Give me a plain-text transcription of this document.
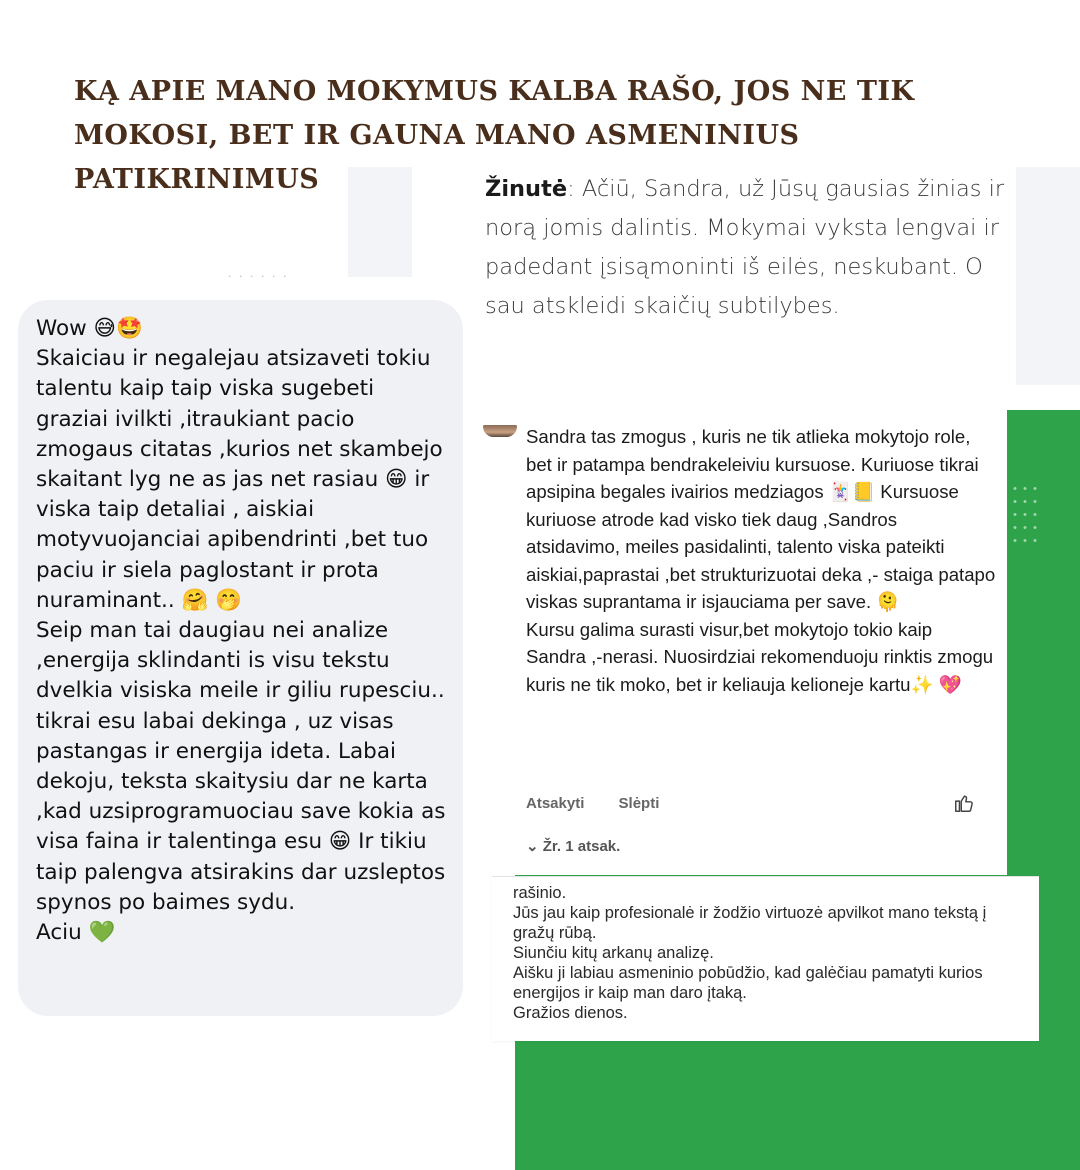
· · · · · ·
KĄ APIE MANO MOKYMUS KALBA RAŠO, JOS NE TIK
MOKOSI, BET IR GAUNA MANO ASMENINIUS
PATIKRINIMUS	Žinutė: Ačiū, Sandra, už Jūsų gausias žinias ir norą jomis dalintis. Mokymai vyksta lengvai ir padedant įsisąmoninti iš eilės, neskubant. O sau atskleidi skaičių subtilybes.

Wow 😅🤩

Skaiciau ir negalejau atsizaveti tokiu talentu kaip taip viska sugebeti graziai ivilkti ,itraukiant pacio zmogaus citatas ,kurios net skambejo skaitant lyg ne as jas net rasiau 😁 ir viska taip detaliai , aiskiai motyvuojanciai apibendrinti ,bet tuo paciu ir siela paglostant ir prota nuraminant.. 🤗 🤭

Seip man tai daugiau nei analize ,energija sklindanti is visu tekstu dvelkia visiska meile ir giliu rupesciu.. tikrai esu labai dekinga , uz visas pastangas ir energija ideta. Labai dekoju, teksta skaitysiu dar ne karta ,kad uzsiprogramuociau save kokia as visa faina ir talentinga esu 😁 Ir tikiu taip palengva atsirakins dar uzsleptos spynos po baimes sydu.

Aciu 💚

Sandra tas zmogus , kuris ne tik atlieka mokytojo role, bet ir patampa bendrakeleiviu kursuose. Kuriuose tikrai apsipina begales ivairios medziagos 🃏📒 Kursuose kuriuose atrode kad visko tiek daug ,Sandros atsidavimo, meiles pasidalinti, talento viska pateikti aiskiai,paprastai ,bet strukturizuotai deka ,- staiga patapo viskas suprantama ir isjauciama per save. 🫠

Kursu galima surasti visur,bet mokytojo tokio kaip Sandra ,-nerasi. Nuosirdziai rekomenduoju rinktis zmogu kuris ne tik moko, bet ir keliauja kelioneje kartu✨ 💖

Atsakyti Slėpti
⌄ Žr. 1 atsak.

rašinio.

Jūs jau kaip profesionalė ir žodžio virtuozė apvilkot mano tekstą į gražų rūbą.

Siunčiu kitų arkanų analizę.

Aišku ji labiau asmeninio pobūdžio, kad galėčiau pamatyti kurios energijos ir kaip man daro įtaką.

Gražios dienos.
